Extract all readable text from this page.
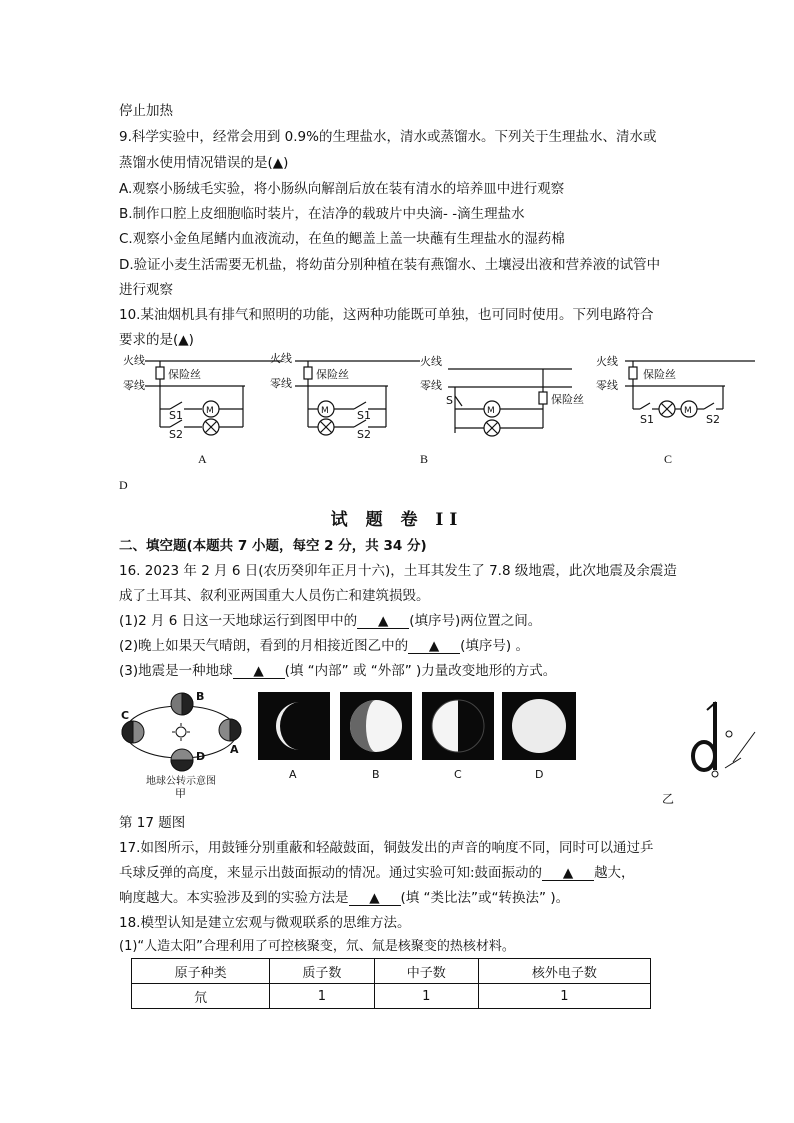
停止加热
9.科学实验中，经常会用到 0.9%的生理盐水，清水或蒸馏水。下列关于生理盐水、清水或
蒸馏水使用情况错误的是(▲)
A.观察小肠绒毛实验，将小肠纵向解剖后放在装有清水的培养皿中进行观察
B.制作口腔上皮细胞临时装片，在洁净的载玻片中央滴- -滴生理盐水
C.观察小金鱼尾鳍内血液流动，在鱼的鳃盖上盖一块蘸有生理盐水的湿药棉
D.验证小麦生活需要无机盐，将幼苗分别种植在装有燕馏水、土壤浸出液和营养液的试管中
进行观察
10.某油烟机具有排气和照明的功能，这两种功能既可单独，也可同时使用。下列电路符合
要求的是(▲)
火线
零线
保险丝
M
S1
S2
火线
零线
保险丝
M	S1
S2
火线
零线
S
M
保险丝
火线
零线
保险丝
M
S1	S2
A	B	C
D
试 题 卷 II
二、填空题(本题共 7 小题，每空 2 分，共 34 分)
16. 2023 年 2 月 6 日(农历癸卯年正月十六)，土耳其发生了 7.8 级地震，此次地震及余震造
成了土耳其、叙利亚两国重大人员伤亡和建筑损毁。
(1)2 月 6 日这一天地球运行到图甲中的 ▲ (填序号)两位置之间。
(2)晚上如果天气晴朗，看到的月相接近图乙中的 ▲ (填序号) 。
(3)地震是一种地球 ▲ (填 “内部” 或 “外部” )力量改变地形的方式。
B
C
A
D
地球公转示意图
甲
A	B	C	D
乙
第 17 题图
17.如图所示，用鼓锤分别重蔽和轻敲鼓面，铜鼓发出的声音的响度不同，同时可以通过乒
乓球反弹的高度，来显示出鼓面振动的情况。通过实验可知:鼓面振动的 ▲ 越大，
响度越大。本实验涉及到的实验方法是 ▲ (填 “类比法”或“转换法” )。
18.模型认知是建立宏观与微观联系的思维方法。
(1)“人造太阳”合理利用了可控核聚变，氘、氚是核聚变的热核材料。
原子种类	质子数	中子数	核外电子数
氘	1	1	1
